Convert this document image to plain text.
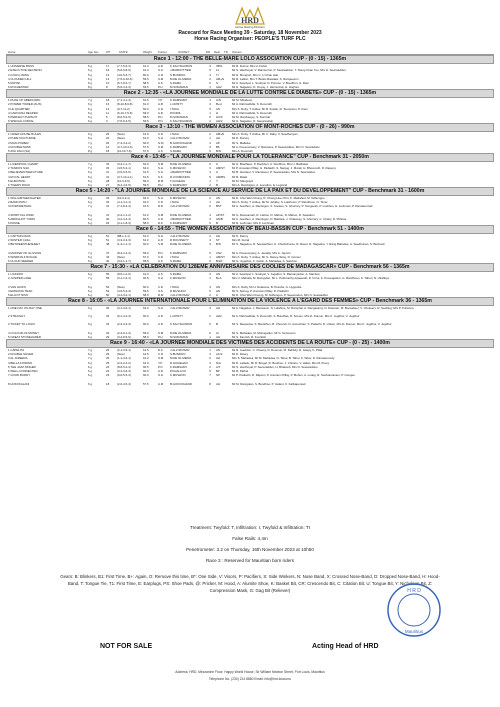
HRD
Horse Racing Division
Racecard for Race Meeting 39 - Saturday, 18 November 2023
Horse Racing Organiser: PEOPLE'S TURF PLC
Horse	Age Sex	WT	STATE	Weight Trainer	JOCKEY	DR Rear TR Owners
Race 1 - 12:00 - THE BELLE-MARE LOLO ASSOCIATION CUP - (0 - 15) - 1365m
1 UNIVERSE BOSS	6 g	17	(7-7-5-6-4)	61.0	A.R	K.KALYDAURUN	3	3561	Mr R. Dumur, Mrs H. Ferlat
2 EXECUTIVE DECISION	6 g	16	(5-6-5-8-6)	61.0	S.H	J.BARDOTTIER	5	11	Mr S. Hardhoyal, V. Ramsurrun, P. Sewraaddun, T. Tsang Chan You, Mrs H. Sewraaddun
3 GOLD LINING	5 g	13	(4-6-5-6-7)	60.0	C.R	S.BUNDOO	4	TI	Mr H. Mungroh, Mrs C. Li Chan Hak
4 CLOUDED HILL	6 g	13	(7-5-9-10-6)	59.5	S.M	M.DE OLIVEIRA	2	AM+N	Mr R. Lallion, Mrs T. Bedor-Rawdaw, S. Ramjeewon
5 MOTAK	6 g	10	(6-7-8-6-7)	58.5	A.S	S.RAMA	6	S	Mr A. Sewdyal, L. Soobyal, D. Punnoo, V. Boodhun, G. Ram
6 ROCHESTER	8 g	8	(5-5-3-3-3)	53.5	P.H	M.SORAMAN	1	AH2	Mr H. Nagadoo, D. Ooyay, J. Herzenzek, H. Hughes
Race 2 - 12:35 - «LA JOURNEE MONDIALE DE LA LUTTE CONTRE LE DIABETE» CUP - (0 - 15) - 1365m
1 DUKE OF ABERCORN	7 g	18	(7-1-4-1-4)	61.5	Y.P	K.RAMSAMY	4	A/N	Mr M. Mirabeux
2 POWER TOWER (AUS)	6 g	16	(8-10-8-9-8)	61.0	A.R	L.CRISTY	3	B+H	Mr A. Rahmatfulla, S. Doosruth
3 LE QUARTIER	6 g	13	(9-7-11-2)	60.0	C.D	I.TAKA	5	AN	Mrs K. Doby, T. Antlee, Mr B. Fowlie, R. Teempsen, P. Kiem
4 CAROLINA REAPER	6 g	11	(6-10-7-5-6)	59.0	A.R	P.KORIL	1	H	Mr A. Rahmatfulla, S. Doosruth
5 PERFECT PURSUIT	6 g	5	(8-6-5-6-5)	58.5	P.H	M.SORAMAN	6	H/CF	Mr M. Rambeejoy, S. Doorrak
6 SPECIAL FORCE	6 g	3	(7-5-6-4-5)	53.5	P.N	K.KALYDAURUN	2	AH/2	Mr H. Nagadoo, R. Seeurwuttun
Race 3 - 13:10 - THE WOMEN ASSOCIATION OF MONT-ROCHES CUP - (0 - 26) - 990m
1 CIDER HOUSE RULES	6 g	26	(New)	61.0	C.D	I.TAKA	2	AM+N	Mrs K. Doby, T. Antlee, Mr C. Daby, V. Seedhenyan
2 PURE NOCTURNE	6 g	24	(New)	61.0	S.H	J.ALLYROSAN	1	AH	Mr D. Dorsey
3 MAN POWER	7 g	26	(7-3-3-4-2)	60.0	G.M	B.GOKOOHAND	4	AP	Mr S. Mallefee
4 DOUBLETHINK	7 g	14	(3-7-10-4-6)	57.5	S.M	K.RAMSAMY	3	B5	Mr A. Peesoonsary, V. Ramasus, P. Seewraddoo, Mrs N. Sewraddoo
5 ZIGI ZAGI (SA)	8 g	18	(10-10-7-6)	57.0	A.S	S.RAMA	5	B/N	Mrs A. Doosruth
Race 4 - 13:45 - "LA JOURNEE MONDIALE POUR LA TOLERANCE" CUP - Benchmark 31 - 2050m
1 LIVERPOOL CHAMP	7 g	33	(3-3-1-1-7)	62.0	S.M	M.DE OLIVEIRA	6	A	Mr H. Boathave, P. Doobhun, A. Doobhun, Mrs U. Badhaws
2 TANDOS SILK	7 g	33	(4-5-5-3-1)	62.0	S.H	K.MUSHOO	3	AM/ST	Mr P. Anoutam Pillay, G. Padiachi, S. Nanjug, J. Murali, H. Bhoorooth, D. Rajoovy
3 BELIEVEINTHEFUTURE	6 g	31	(3-5-6-5-5)	61.5	S.H	J.BARDOTTIER	4	A	Mr B. Hundeer, V. Ramasoor, P. Seewraddoo, Mrs N. Sewraddoo
4 ROYAL HEART	6 g	31	(3-7-10-4-1)	61.5	S.S	R.JOOMUNON	5	AM/BS	Mr R. Rawb
5 EUROTRIC	6 g	28	(10-3-3-5)	59.0	R.M	T.GOGEOH	1	Y	Mr M. Mangrayd
6 TIGERS ROCK	6 g	27	(8-4-4-6-5)	59.5	P.H	K.RAMSAMY	2	B	Mrs A. Rambigion, A. Jeevdiun, E. Legrand
Race 5 - 14:20 - "LA JOURNEE MONDIALE DE LA SCIENCE AU SERVICE DE LA PAIX ET DU DEVELOPPEMENT" CUP - Benchmark 31 - 1600m
1 WILLIAMTHEFIGHTER	6 g	33	(10-3-2-1)	62.0	S.H	K.MUSHOO	2	AN	Mr D. Chui Wan Chong, R. Chung Hue Chin, K. Mattahed, M. Ndhungoo
2 BAND PATH	6 g	33	(4-1-4-1-1)	62.0	C.D	I.TAKA	1	AH	Mrs K. Doby, T. Antlee, Mr M. Jehaby, S. Laishmun, P. Randhoun, N. Timer
3 DOWNDETRAIL	7 g	31	(7-1-8-4-4)	61.5	R.R	J.ALLYROSAN	6	BST	Mr A. Jeedhun, A. Ramlogun, S. Sookoo, S. Ghurrary, P. Sungeesh, P. Luckhoo, H. Luckman, P. Ramasunnair
4 SPIRITUAL WIND	6 g	31	(2-2-1-1-2)	61.0	S.M	M.DE OLIVEIRA	4	AP/ST	Mr G. Ramsamah, R. Lathoo, D. Mahoo, R. Mahoo, R. Sewatton
5 ARDIGHOT YORKI	6 g	30	(4-2-4-4-4)	60.5	A.R	J.BARDOTTIER	3	AN/B	Mr A. Jeedhun, A. Ramlogun, D. Bakhsia, J. Chakossy, S. Ghurrary, C. Chairy, D. Pithiras
6 PASSE	6 g	26	(3-1-1-8-3)	58.0	D.Z	K.RAMSAMY	5	B	Mr R. Luchman, Mrs F. Luchman
Race 6 - 14:55 - THE WOMEN ASSOCIATION OF BEAU-BASSIN CUP - Benchmark 51 - 1400m
1 CAPTAIN MAIS	6 g	51	(88-1-1-1)	61.0	S.H	J.ALLYROSAN	2	AH	Mr D. Danny
2 WINTER CHILL	6 g	51	(3-3-3-3-3)	61.0	A.R	R.ROUSSETY	4	ST	Mrs M. Ferral
3 BETWEENTHESHEET	6 g	48	(1-3-1-1-1)	60.0	S.M	M.DE OLIVEIRA	3	B/N	Mr S. Nagadoo, R. Seewachtun, K. Chuckchuree, R. Ravel, D. Nagadoo, Y. Rang Bahadoe, A. Seedhunan, S. Bechook
4 MASTER OF ILLUSION	7 g	47	(8-4-2-3-4)	59.0	P.N	K.RAMSAMY	5	CN2	Mr A. Peesoonsary, A. Jeetally, Mrs A. Jaymin
5 WINDFOLF ROGUE	6 g	43	(New)	57.0	C.D	I.TAKA	1	AM/ST	Mrs K. Doby, T. Antlee, Mr G. Dacey-Taing, R. Gomez
6 CLOUD SEEDER	6 g	40	(3-2-1-1-7)	55.5	A.S	S.RAMA	6	B/HT	Mr G. Jugethur, C. Gobin, A. Mahadea, A. Samboo
Race 7 - 15:30 - «LA CELEBRATION DU 128EME ANNIVERSAIRE DES COOLIES DE MADAGASCAR» CUP - Benchmark 56 - 1365m
1 LICKFRO	6 g	56	(8-5-1-2-6)	61.0	A.S	S.RAMA	4	AN	Mr A. Sewdyal, L. Soobyal, V. Jugathur, S. Ramanyadoo, A. Samboo
2 JUNIPER LANE	7 g	55	(3-1-1-6-4)	60.5	S.H	K.MUSHOO	1	B+A	Mrs U. Maholla, M. Ramgulan, Mr L. Puthurazhy-Apaeeath, D. Firrut, K. Poosugadoo, G. Randhoun, K. Tahori, N. Uttaffoye
3 VAN HUIKS	6 g	54	(New)	60.0	C.D	I.TAKA	3	AN	Mrs K. Daby, Mr H. Dulassne, B. Pessha, G. Hyppolite
4 EDWOOD TRAIL	6 g	52	(4-5-5-4-3)	59.5	S.S	R.MUSHOO	5	AN	Mr S. Nurreg, P. Anoutum Pillay, D. Padiachi
5 ELLIOT NISS	6 g	50	(4-1-3-2-1)	58.5	R.M	J.ALLYROSAN	2	A	Mr D. Chui Wan Cheong, M. Ndhungoo, P. Seewoodoo, Mrs N. Seewadbut
Race 8 - 16:05 - «LA JOURNEE INTERNATIONALE POUR L'ELIMINATION DE LA VIOLENCE A L'EGARD DES FEMMES» CUP - Benchmark 36 - 1365m
1 ONE DAY ON DAY ONE	6 g	36	(3-1-3-6-1)	62.0	S.H	J.ALLYROSAN	3	AH	Mr A. Nagadoo, J. Ramasum, N. Lalahme, M. Ramphal, A. Rangasamy, D. Dawosin, M. Boosabeer, V. Chukeery, R. Seeblug, Mrs P. Puhanna
2 STRAIGHT	7 g	34	(6-1-4-2-4)	60.0	A.R	L.CRISTY	2	AH2	Mr A. Rahmatfulla, S. Doosruth, S. Bundhas, R. Somen, Mrs D. Dumun, Mrs K. Jugdhur, V. Jugdhur
3 TICKET TO LOGIC	6 g	33	(2-3-3-3-4)	60.0	A.R	K.KALYDAURUN	5	B	Mr S. Deepedoo, K. Barokhun, R. Chooreh, D. Anouchtan, S. Patiachi, D. Unkun, Mrs D. Dumun, Mrs K. Jugdhur, V. Jugdhur
4 COLOUR OF MONEY	6 g	32	(2-2-6-1-3)	59.0	S.M	M.DE OLIVEIRA	6	AI	Mr S. Mahadea, M. Mohugadoo, Mr G. Norsoomo
5 GREAT STONEHARER	6 g	29	(3-4-8-5-6)	58.0	P.H	M.SORAMAN	1	AH	Mr S. Kaorish, R. Koorkish
Race 9 - 16:40 - «LA JOURNEE MONDIALE DES VICTIMES DES ACCIDENTS DE LA ROUTE» CUP - (0 - 25) - 1400m
1 CAPELITA	7 g	26	(2-1-3-5-1)	61.5	D.Z	J.ALLYROSAN	1	AN	Mr R. Jeeddon, C. Cheesy, D. Doomun, M. Debbdy, D. Gaspy, K. Pillai
2 DOUBLE SILVER	6 g	26	(New)	61.5	C.D	S.BUNDOO	4	AC/2	Mr D. Davey
3 AL JAZEERA	7 g	25	(1-1-3-6-1)	61.0	S.M	M.DE OLIVEIRA	6	AH	Mrs S. Mahadea, Mr M. Mahadea, N. Tahor, B. Tahor, F. Tahor, D. Ramsanumdy
4 BELLA FIORINO	6 g	25	(2-3-2-4-2)	61.0	Y.P	R.GOGEHAN	3	N/A	Mr D. Lalladu, Mr R. Brogel, R. Boothoo, J. Chuttoo, V. Halan, Mrs M. Preey
5 THE JAZZ SINGER	6 g	24	(8-6-5-2-3)	60.5	P.N	K.RAMSAMY	2	A/T	Mr S. Hurdhoyal, P. Seewraddun, H. Bhakush, Mrs N. Seewraddoo
6 WELL-CONNECTED	6 g	24	(3-4-3-6-3)	60.5	A.R	P.KHALLOO	5	BZ	Mr R. Pathel
7 GOOD BUDDY	6 g	23	(6-6-5-5-3)	60.0	S.H	K.MUSHOO	7	NP	Mr P. Padiachi, D. Rajoovi, P. Anoutum Pillay, P. Mohun, A. Lodeg, R. Soobramanien, P. Gongee
8 HOKOKALANI	6 g	18	(2-6-4-5-4)	57.5	A.M	B.GOKOOHAND	8	AH	Mr M. Ramgolan, S. Bundhoo, P. Jadant, K. Kallyapersad
Treatment: Twyfold: T, Infiltration: I, Twyfold & Infiltration: TI
False Rails: 4.4m
Penetrometer: 3.2 on Thursday, 16th November 2023 at 10h50
Race 3 : Reserved for Mauritian born riders
Gears: B: Blinkers, B1: First Time, B+: Again, O: Remove this time, B*: One Side, V: Visors, P: Pacifiers, S: Side Winkers, N: Nose Band, X: Crossed Nose-Band, D: Dropped Nose-Band, H: Hood-Band, T: Tongue Tie, T1: First Time, E: Earplugs, PS: Shoe Pads, @: Pricker, M: Hood, A: Alumite Shoe, K: Basket Bit, CR: Crescendo Bit, C: Citation Bit, U: Tongue Bit, Y: Nicholson Bit, Z: Compression Mask, G: Gag Bit (Reliever)	H R D
Mauritius
NOT FOR SALE	Acting Head of HRD
Address: HRD, Mezzanine Floor, Happy World House, Sir William Newton Street, Port Louis, Mauritius
Telephone No. (230) 214 8880 Email: info@hrd.local.mu
